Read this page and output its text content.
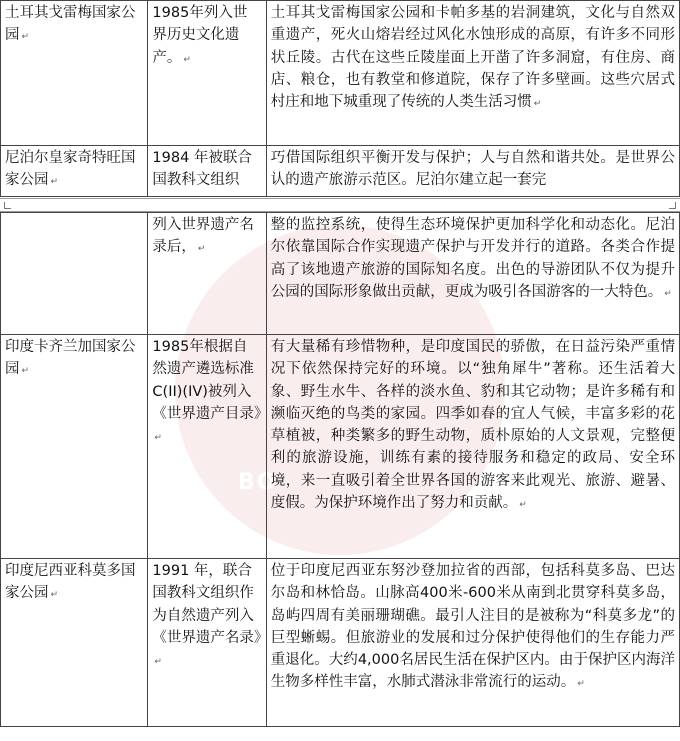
BO
土耳其戈雷梅国家公园 ↵	1985年列入世界历史文化遗产。 ↵	土耳其戈雷梅国家公园和卡帕多基的岩洞建筑，文化与自然双重遗产，死火山熔岩经过风化水蚀形成的高原，有许多不同形状丘陵。古代在这些丘陵崖面上开凿了许多洞窟，有住房、商店、粮仓，也有教堂和修道院，保存了许多壁画。这些穴居式村庄和地下城重现了传统的人类生活习惯 ↵
尼泊尔皇家奇特旺国家公园 ↵	1984 年被联合国教科文组织	巧借国际组织平衡开发与保护；人与自然和谐共处。是世界公认的遗产旅游示范区。尼泊尔建立起一套完
	列入世界遗产名录后， ↵	整的监控系统，使得生态环境保护更加科学化和动态化。尼泊尔依靠国际合作实现遗产保护与开发并行的道路。各类合作提高了该地遗产旅游的国际知名度。出色的导游团队不仅为提升公园的国际形象做出贡献，更成为吸引各国游客的一大特色。 ↵
印度卡齐兰加国家公园 ↵	1985年根据自然遗产遴选标准 C(II)(IV)被列入《世界遗产目录》↵	有大量稀有珍惜物种，是印度国民的骄傲，在日益污染严重情况下依然保持完好的环境。以“独角犀牛”著称。还生活着大象、野生水牛、各样的淡水鱼、豹和其它动物；是许多稀有和濒临灭绝的鸟类的家园。四季如春的宜人气候，丰富多彩的花草植被，种类繁多的野生动物，质朴原始的人文景观，完整便利的旅游设施，训练有素的接待服务和稳定的政局、安全环境，来一直吸引着全世界各国的游客来此观光、旅游、避暑、度假。为保护环境作出了努力和贡献。 ↵
印度尼西亚科莫多国家公园 ↵	1991 年，联合国教科文组织作为自然遗产列入《世界遗产名录》↵	位于印度尼西亚东努沙登加拉省的西部，包括科莫多岛、巴达尔岛和林恰岛。山脉高400米-600米从南到北贯穿科莫多岛，岛屿四周有美丽珊瑚礁。最引人注目的是被称为“科莫多龙”的巨型蜥蜴。但旅游业的发展和过分保护使得他们的生存能力严重退化。大约4,000名居民生活在保护区内。由于保护区内海洋生物多样性丰富，水肺式潜泳非常流行的运动。 ↵
